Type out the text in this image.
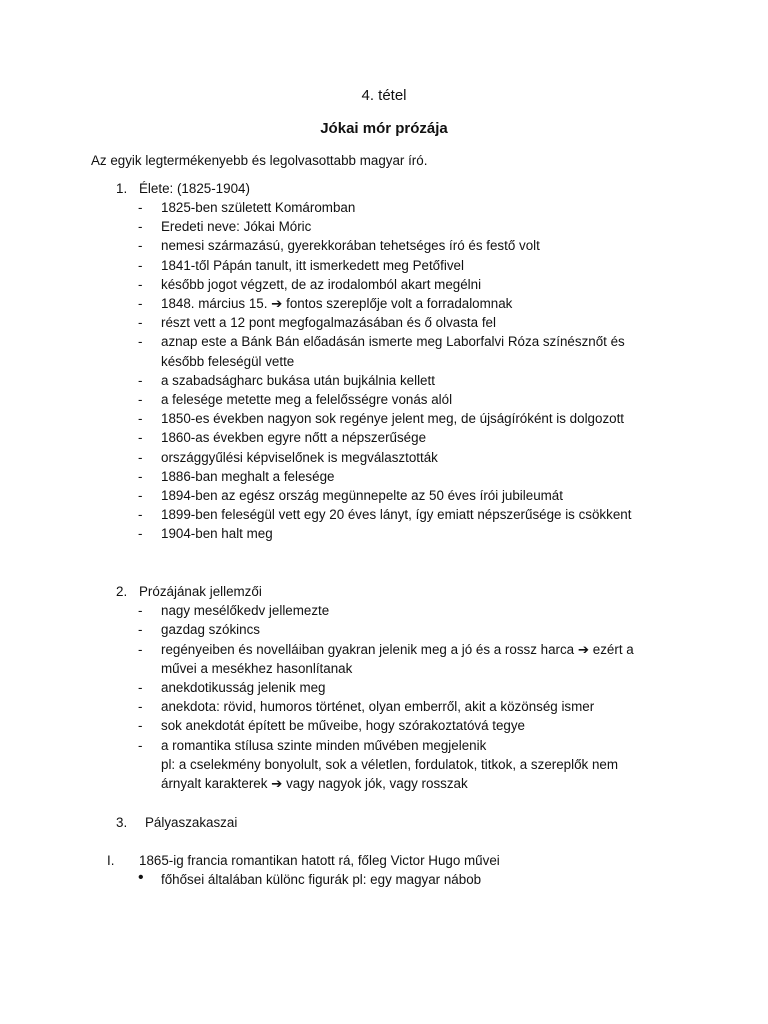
4. tétel
Jókai mór prózája
Az egyik legtermékenyebb és legolvasottabb magyar író.
1. Élete: (1825-1904)
- 1825-ben született Komáromban
- Eredeti neve: Jókai Móric
- nemesi származású, gyerekkorában tehetséges író és festő volt
- 1841-től Pápán tanult, itt ismerkedett meg Petőfivel
- később jogot végzett, de az irodalomból akart megélni
- 1848. március 15. ➔ fontos szereplője volt a forradalomnak
- részt vett a 12 pont megfogalmazásában és ő olvasta fel
- aznap este a Bánk Bán előadásán ismerte meg Laborfalvi Róza színésznőt és
később feleségül vette
- a szabadságharc bukása után bujkálnia kellett
- a felesége metette meg a felelősségre vonás alól
- 1850-es években nagyon sok regénye jelent meg, de újságíróként is dolgozott
- 1860-as években egyre nőtt a népszerűsége
- országgyűlési képviselőnek is megválasztották
- 1886-ban meghalt a felesége
- 1894-ben az egész ország megünnepelte az 50 éves írói jubileumát
- 1899-ben feleségül vett egy 20 éves lányt, így emiatt népszerűsége is csökkent
- 1904-ben halt meg
2. Prózájának jellemzői
- nagy mesélőkedv jellemezte
- gazdag szókincs
- regényeiben és novelláiban gyakran jelenik meg a jó és a rossz harca ➔ ezért a
művei a mesékhez hasonlítanak
- anekdotikusság jelenik meg
- anekdota: rövid, humoros történet, olyan emberről, akit a közönség ismer
- sok anekdotát épített be műveibe, hogy szórakoztatóvá tegye
- a romantika stílusa szinte minden művében megjelenik
pl: a cselekmény bonyolult, sok a véletlen, fordulatok, titkok, a szereplők nem
árnyalt karakterek ➔ vagy nagyok jók, vagy rosszak
3. Pályaszakaszai
I. 1865-ig francia romantikan hatott rá, főleg Victor Hugo művei
• főhősei általában különc figurák pl: egy magyar nábob
